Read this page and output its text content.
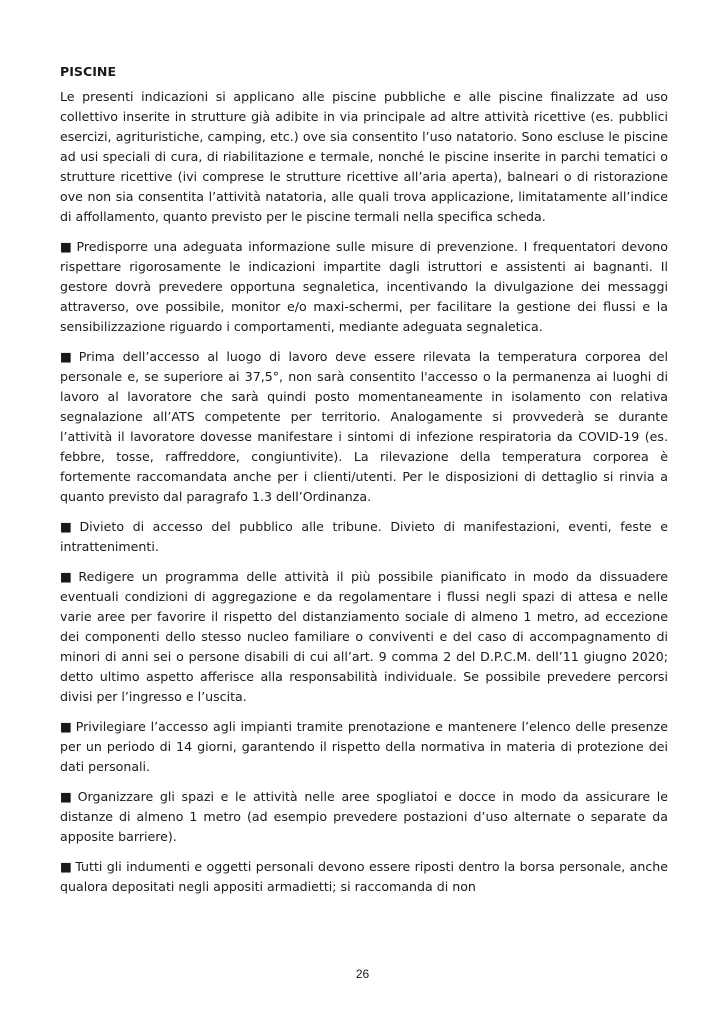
PISCINE

Le presenti indicazioni si applicano alle piscine pubbliche e alle piscine finalizzate ad uso collettivo inserite in strutture già adibite in via principale ad altre attività ricettive (es. pubblici esercizi, agrituristiche, camping, etc.) ove sia consentito l’uso natatorio. Sono escluse le piscine ad usi speciali di cura, di riabilitazione e termale, nonché le piscine inserite in parchi tematici o strutture ricettive (ivi comprese le strutture ricettive all’aria aperta), balneari o di ristorazione ove non sia consentita l’attività natatoria, alle quali trova applicazione, limitatamente all’indice di affollamento, quanto previsto per le piscine termali nella specifica scheda.

■ Predisporre una adeguata informazione sulle misure di prevenzione. I frequentatori devono rispettare rigorosamente le indicazioni impartite dagli istruttori e assistenti ai bagnanti. Il gestore dovrà prevedere opportuna segnaletica, incentivando la divulgazione dei messaggi attraverso, ove possibile, monitor e/o maxi-schermi, per facilitare la gestione dei flussi e la sensibilizzazione riguardo i comportamenti, mediante adeguata segnaletica.

■ Prima dell’accesso al luogo di lavoro deve essere rilevata la temperatura corporea del personale e, se superiore ai 37,5°, non sarà consentito l'accesso o la permanenza ai luoghi di lavoro al lavoratore che sarà quindi posto momentaneamente in isolamento con relativa segnalazione all’ATS competente per territorio. Analogamente si provvederà se durante l’attività il lavoratore dovesse manifestare i sintomi di infezione respiratoria da COVID-19 (es. febbre, tosse, raffreddore, congiuntivite). La rilevazione della temperatura corporea è fortemente raccomandata anche per i clienti/utenti. Per le disposizioni di dettaglio si rinvia a quanto previsto dal paragrafo 1.3 dell’Ordinanza.

■ Divieto di accesso del pubblico alle tribune. Divieto di manifestazioni, eventi, feste e intrattenimenti.

■ Redigere un programma delle attività il più possibile pianificato in modo da dissuadere eventuali condizioni di aggregazione e da regolamentare i flussi negli spazi di attesa e nelle varie aree per favorire il rispetto del distanziamento sociale di almeno 1 metro, ad eccezione dei componenti dello stesso nucleo familiare o conviventi e del caso di accompagnamento di minori di anni sei o persone disabili di cui all’art. 9 comma 2 del D.P.C.M. dell’11 giugno 2020; detto ultimo aspetto afferisce alla responsabilità individuale. Se possibile prevedere percorsi divisi per l’ingresso e l’uscita.

■ Privilegiare l’accesso agli impianti tramite prenotazione e mantenere l’elenco delle presenze per un periodo di 14 giorni, garantendo il rispetto della normativa in materia di protezione dei dati personali.

■ Organizzare gli spazi e le attività nelle aree spogliatoi e docce in modo da assicurare le distanze di almeno 1 metro (ad esempio prevedere postazioni d’uso alternate o separate da apposite barriere).

■ Tutti gli indumenti e oggetti personali devono essere riposti dentro la borsa personale, anche qualora depositati negli appositi armadietti; si raccomanda di non

26
